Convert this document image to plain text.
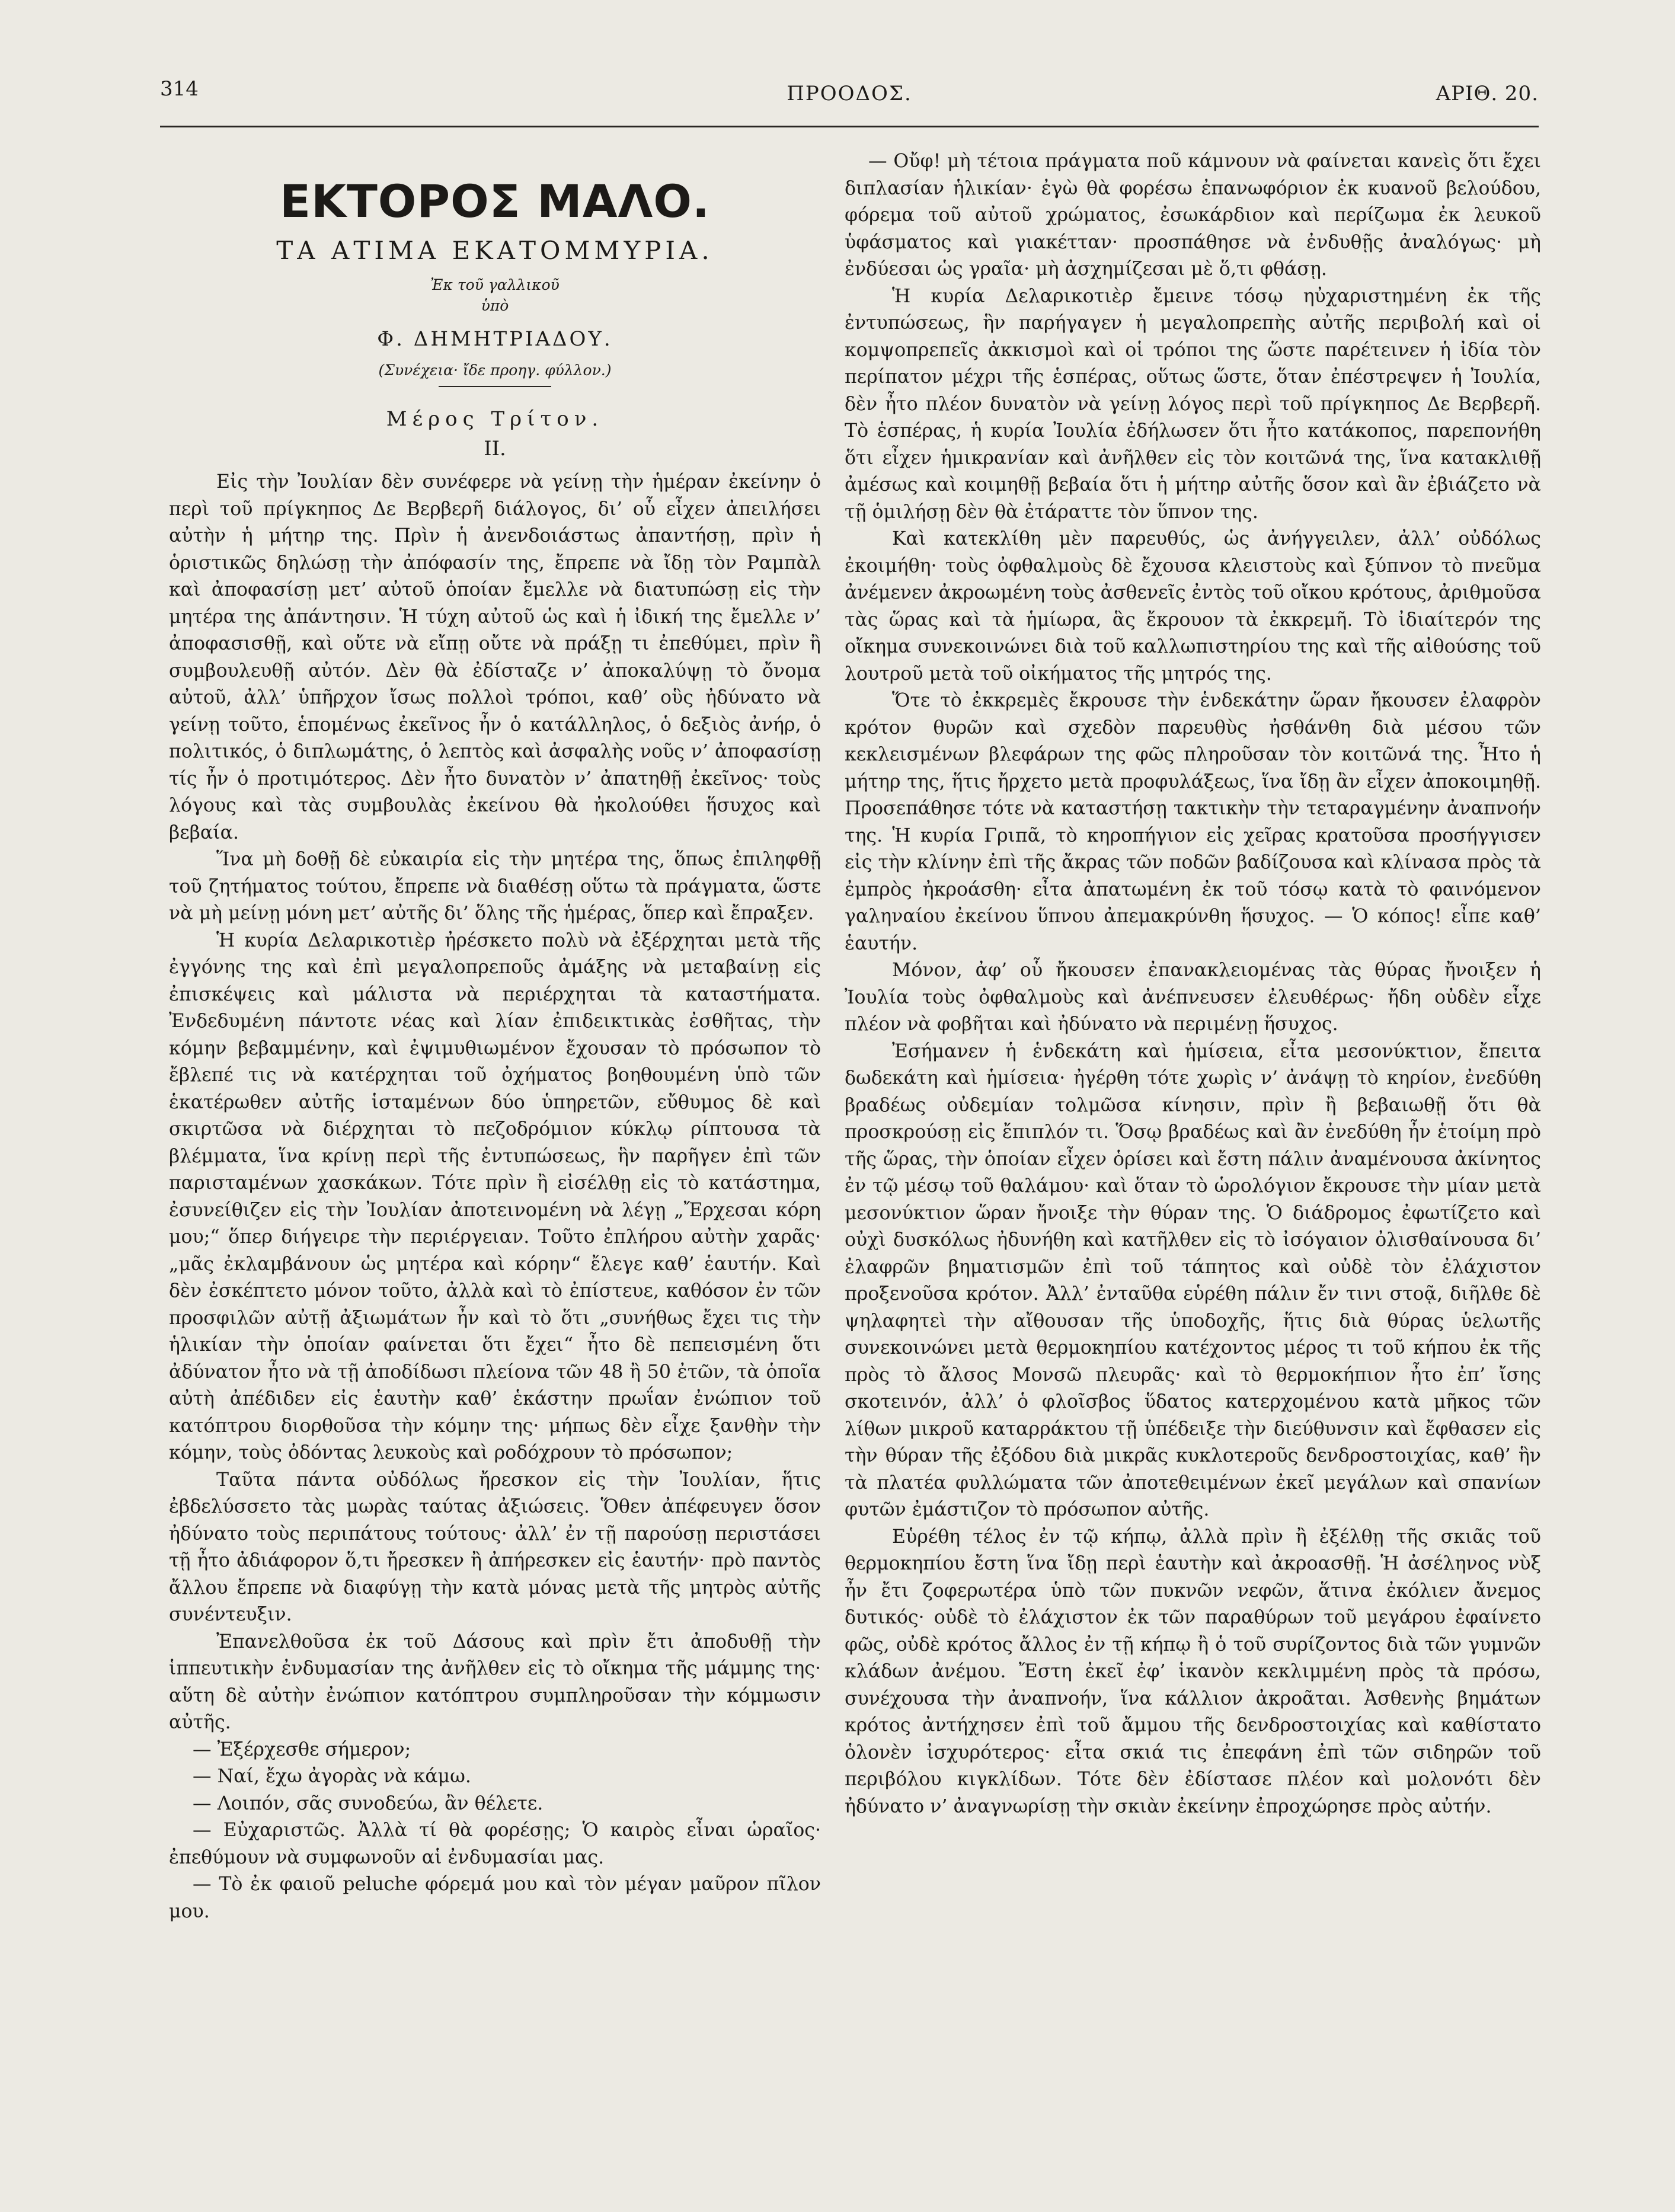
314	ΠΡΟΟΔΟΣ.	ΑΡΙΘ. 20.
ΕΚΤΟΡΟΣ ΜΑΛΟ.
ΤΑ ΑΤΙΜΑ ΕΚΑΤΟΜΜΥΡΙΑ.
Ἐκ τοῦ γαλλικοῦ
ὑπὸ
Φ. ΔΗΜΗΤΡΙΑΔΟΥ.
(Συνέχεια· ἴδε προηγ. φύλλον.)
Μέρος Τρίτον.
II.

Εἰς τὴν Ἰουλίαν δὲν συνέφερε νὰ γείνῃ τὴν ἡμέραν ἐκείνην ὁ περὶ τοῦ πρίγκηπος Δε Βερβερῆ διάλογος, δι’ οὗ εἶχεν ἀπειλήσει αὐτὴν ἡ μήτηρ της. Πρὶν ἡ ἀνενδοιάστως ἀπαντήσῃ, πρὶν ἡ ὁριστικῶς δηλώσῃ τὴν ἀπόφασίν της, ἔπρεπε νὰ ἴδῃ τὸν Ραμπὰλ καὶ ἀποφασίσῃ μετ’ αὐτοῦ ὁποίαν ἔμελλε νὰ διατυπώσῃ εἰς τὴν μητέρα της ἀπάντησιν. Ἡ τύχη αὐτοῦ ὡς καὶ ἡ ἰδική της ἔμελλε ν’ ἀποφασισθῇ, καὶ οὔτε νὰ εἴπῃ οὔτε νὰ πράξῃ τι ἐπεθύμει, πρὶν ἢ συμβουλευθῇ αὐτόν. Δὲν θὰ ἐδίσταζε ν’ ἀποκαλύψῃ τὸ ὄνομα αὐτοῦ, ἀλλ’ ὑπῆρχον ἴσως πολλοὶ τρόποι, καθ’ οὓς ἠδύνατο νὰ γείνῃ τοῦτο, ἑπομένως ἐκεῖνος ἦν ὁ κατάλληλος, ὁ δεξιὸς ἀνήρ, ὁ πολιτικός, ὁ διπλωμάτης, ὁ λεπτὸς καὶ ἀσφαλὴς νοῦς ν’ ἀποφασίσῃ τίς ἦν ὁ προτιμότερος. Δὲν ἦτο δυνατὸν ν’ ἀπατηθῇ ἐκεῖνος· τοὺς λόγους καὶ τὰς συμβουλὰς ἐκείνου θὰ ἠκολούθει ἥσυχος καὶ βεβαία.

Ἵνα μὴ δοθῇ δὲ εὐκαιρία εἰς τὴν μητέρα της, ὅπως ἐπιληφθῇ τοῦ ζητήματος τούτου, ἔπρεπε νὰ διαθέσῃ οὕτω τὰ πράγματα, ὥστε νὰ μὴ μείνῃ μόνη μετ’ αὐτῆς δι’ ὅλης τῆς ἡμέρας, ὅπερ καὶ ἔπραξεν.

Ἡ κυρία Δελαρικοτιὲρ ἠρέσκετο πολὺ νὰ ἐξέρχηται μετὰ τῆς ἐγγόνης της καὶ ἐπὶ μεγαλοπρεποῦς ἀμάξης νὰ μεταβαίνῃ εἰς ἐπισκέψεις καὶ μάλιστα νὰ περιέρχηται τὰ καταστήματα. Ἐνδεδυμένη πάντοτε νέας καὶ λίαν ἐπιδεικτικὰς ἐσθῆτας, τὴν κόμην βεβαμμένην, καὶ ἐψιμυθιωμένον ἔχουσαν τὸ πρόσωπον τὸ ἔβλεπέ τις νὰ κατέρχηται τοῦ ὀχήματος βοηθουμένη ὑπὸ τῶν ἑκατέρωθεν αὐτῆς ἱσταμένων δύο ὑπηρετῶν, εὔθυμος δὲ καὶ σκιρτῶσα νὰ διέρχηται τὸ πεζοδρόμιον κύκλῳ ρίπτουσα τὰ βλέμματα, ἵνα κρίνῃ περὶ τῆς ἐντυπώσεως, ἣν παρῆγεν ἐπὶ τῶν παρισταμένων χασκάκων. Τότε πρὶν ἢ εἰσέλθῃ εἰς τὸ κατάστημα, ἐσυνείθιζεν εἰς τὴν Ἰουλίαν ἀποτεινομένη νὰ λέγῃ „Ἔρχεσαι κόρη μου;“ ὅπερ διήγειρε τὴν περιέργειαν. Τοῦτο ἐπλήρου αὐτὴν χαρᾶς· „μᾶς ἐκλαμβάνουν ὡς μητέρα καὶ κόρην“ ἔλεγε καθ’ ἑαυτήν. Καὶ δὲν ἐσκέπτετο μόνον τοῦτο, ἀλλὰ καὶ τὸ ἐπίστευε, καθόσον ἐν τῶν προσφιλῶν αὐτῇ ἀξιωμάτων ἦν καὶ τὸ ὅτι „συνήθως ἔχει τις τὴν ἡλικίαν τὴν ὁποίαν φαίνεται ὅτι ἔχει“ ἦτο δὲ πεπεισμένη ὅτι ἀδύνατον ἦτο νὰ τῇ ἀποδίδωσι πλείονα τῶν 48 ἢ 50 ἐτῶν, τὰ ὁποῖα αὐτὴ ἀπέδιδεν εἰς ἑαυτὴν καθ’ ἑκάστην πρωΐαν ἐνώπιον τοῦ κατόπτρου διορθοῦσα τὴν κόμην της· μήπως δὲν εἶχε ξανθὴν τὴν κόμην, τοὺς ὀδόντας λευκοὺς καὶ ροδόχρουν τὸ πρόσωπον;

Ταῦτα πάντα οὐδόλως ἤρεσκον εἰς τὴν Ἰουλίαν, ἥτις ἐβδελύσσετο τὰς μωρὰς ταύτας ἀξιώσεις. Ὅθεν ἀπέφευγεν ὅσον ἠδύνατο τοὺς περιπάτους τούτους· ἀλλ’ ἐν τῇ παρούσῃ περιστάσει τῇ ἦτο ἀδιάφορον ὅ,τι ἤρεσκεν ἢ ἀπήρεσκεν εἰς ἑαυτήν· πρὸ παντὸς ἄλλου ἔπρεπε νὰ διαφύγῃ τὴν κατὰ μόνας μετὰ τῆς μητρὸς αὐτῆς συνέντευξιν.

Ἐπανελθοῦσα ἐκ τοῦ Δάσους καὶ πρὶν ἔτι ἀποδυθῇ τὴν ἱππευτικὴν ἐνδυμασίαν της ἀνῆλθεν εἰς τὸ οἴκημα τῆς μάμμης της· αὕτη δὲ αὐτὴν ἐνώπιον κατόπτρου συμπληροῦσαν τὴν κόμμωσιν αὐτῆς.

— Ἐξέρχεσθε σήμερον;

— Ναί, ἔχω ἀγορὰς νὰ κάμω.

— Λοιπόν, σᾶς συνοδεύω, ἂν θέλετε.

— Εὐχαριστῶς. Ἀλλὰ τί θὰ φορέσῃς; Ὁ καιρὸς εἶναι ὡραῖος· ἐπεθύμουν νὰ συμφωνοῦν αἱ ἐνδυμασίαι μας.

— Τὸ ἐκ φαιοῦ peluche φόρεμά μου καὶ τὸν μέγαν μαῦρον πῖλον μου.

— Οὔφ! μὴ τέτοια πράγματα ποῦ κάμνουν νὰ φαίνεται κανεὶς ὅτι ἔχει διπλασίαν ἡλικίαν· ἐγὼ θὰ φορέσω ἐπανωφόριον ἐκ κυανοῦ βελούδου, φόρεμα τοῦ αὐτοῦ χρώματος, ἐσωκάρδιον καὶ περίζωμα ἐκ λευκοῦ ὑφάσματος καὶ γιακέτταν· προσπάθησε νὰ ἐνδυθῇς ἀναλόγως· μὴ ἐνδύεσαι ὡς γραῖα· μὴ ἀσχημίζεσαι μὲ ὅ,τι φθάσῃ.

Ἡ κυρία Δελαρικοτιὲρ ἔμεινε τόσῳ ηὐχαριστημένη ἐκ τῆς ἐντυπώσεως, ἣν παρήγαγεν ἡ μεγαλοπρεπὴς αὐτῆς περιβολή καὶ οἱ κομψοπρεπεῖς ἀκκισμοὶ καὶ οἱ τρόποι της ὥστε παρέτεινεν ἡ ἰδία τὸν περίπατον μέχρι τῆς ἑσπέρας, οὕτως ὥστε, ὅταν ἐπέστρεψεν ἡ Ἰουλία, δὲν ἦτο πλέον δυνατὸν νὰ γείνῃ λόγος περὶ τοῦ πρίγκηπος Δε Βερβερῆ. Τὸ ἑσπέρας, ἡ κυρία Ἰουλία ἐδήλωσεν ὅτι ἦτο κατάκοπος, παρεπονήθη ὅτι εἶχεν ἡμικρανίαν καὶ ἀνῆλθεν εἰς τὸν κοιτῶνά της, ἵνα κατακλιθῇ ἀμέσως καὶ κοιμηθῇ βεβαία ὅτι ἡ μήτηρ αὐτῆς ὅσον καὶ ἂν ἐβιάζετο νὰ τῇ ὁμιλήσῃ δὲν θὰ ἐτάραττε τὸν ὕπνον της.

Καὶ κατεκλίθη μὲν παρευθύς, ὡς ἀνήγγειλεν, ἀλλ’ οὐδόλως ἐκοιμήθη· τοὺς ὀφθαλμοὺς δὲ ἔχουσα κλειστοὺς καὶ ξύπνον τὸ πνεῦμα ἀνέμενεν ἀκροωμένη τοὺς ἀσθενεῖς ἐντὸς τοῦ οἴκου κρότους, ἀριθμοῦσα τὰς ὥρας καὶ τὰ ἡμίωρα, ἃς ἔκρουον τὰ ἐκκρεμῆ. Τὸ ἰδιαίτερόν της οἴκημα συνεκοινώνει διὰ τοῦ καλλωπιστηρίου της καὶ τῆς αἰθούσης τοῦ λουτροῦ μετὰ τοῦ οἰκήματος τῆς μητρός της.

Ὅτε τὸ ἐκκρεμὲς ἔκρουσε τὴν ἑνδεκάτην ὥραν ἤκουσεν ἐλαφρὸν κρότον θυρῶν καὶ σχεδὸν παρευθὺς ἠσθάνθη διὰ μέσου τῶν κεκλεισμένων βλεφάρων της φῶς πληροῦσαν τὸν κοιτῶνά της. Ἦτο ἡ μήτηρ της, ἥτις ἤρχετο μετὰ προφυλάξεως, ἵνα ἴδῃ ἂν εἶχεν ἀποκοιμηθῇ. Προσεπάθησε τότε νὰ καταστήσῃ τακτικὴν τὴν τεταραγμένην ἀναπνοήν της. Ἡ κυρία Γριπᾶ, τὸ κηροπήγιον εἰς χεῖρας κρατοῦσα προσήγγισεν εἰς τὴν κλίνην ἐπὶ τῆς ἄκρας τῶν ποδῶν βαδίζουσα καὶ κλίνασα πρὸς τὰ ἐμπρὸς ἠκροάσθη· εἶτα ἀπατωμένη ἐκ τοῦ τόσῳ κατὰ τὸ φαινόμενον γαληναίου ἐκείνου ὕπνου ἀπεμακρύνθη ἥσυχος. — Ὁ κόπος! εἶπε καθ’ ἑαυτήν.

Μόνον, ἀφ’ οὗ ἤκουσεν ἐπανακλειομένας τὰς θύρας ἤνοιξεν ἡ Ἰουλία τοὺς ὀφθαλμοὺς καὶ ἀνέπνευσεν ἐλευθέρως· ἤδη οὐδὲν εἶχε πλέον νὰ φοβῆται καὶ ἠδύνατο νὰ περιμένῃ ἥσυχος.

Ἐσήμανεν ἡ ἑνδεκάτη καὶ ἡμίσεια, εἶτα μεσονύκτιον, ἔπειτα δωδεκάτη καὶ ἡμίσεια· ἠγέρθη τότε χωρὶς ν’ ἀνάψῃ τὸ κηρίον, ἐνεδύθη βραδέως οὐδεμίαν τολμῶσα κίνησιν, πρὶν ἢ βεβαιωθῇ ὅτι θὰ προσκρούσῃ εἰς ἔπιπλόν τι. Ὅσῳ βραδέως καὶ ἂν ἐνεδύθη ἦν ἑτοίμη πρὸ τῆς ὥρας, τὴν ὁποίαν εἶχεν ὁρίσει καὶ ἔστη πάλιν ἀναμένουσα ἀκίνητος ἐν τῷ μέσῳ τοῦ θαλάμου· καὶ ὅταν τὸ ὡρολόγιον ἔκρουσε τὴν μίαν μετὰ μεσονύκτιον ὥραν ἤνοιξε τὴν θύραν της. Ὁ διάδρομος ἐφωτίζετο καὶ οὐχὶ δυσκόλως ἠδυνήθη καὶ κατῆλθεν εἰς τὸ ἰσόγαιον ὀλισθαίνουσα δι’ ἐλαφρῶν βηματισμῶν ἐπὶ τοῦ τάπητος καὶ οὐδὲ τὸν ἐλάχιστον προξενοῦσα κρότον. Ἀλλ’ ἐνταῦθα εὑρέθη πάλιν ἔν τινι στοᾷ, διῆλθε δὲ ψηλαφητεὶ τὴν αἴθουσαν τῆς ὑποδοχῆς, ἥτις διὰ θύρας ὑελωτῆς συνεκοινώνει μετὰ θερμοκηπίου κατέχοντος μέρος τι τοῦ κήπου ἐκ τῆς πρὸς τὸ ἄλσος Μονσῶ πλευρᾶς· καὶ τὸ θερμοκήπιον ἦτο ἐπ’ ἴσης σκοτεινόν, ἀλλ’ ὁ φλοῖσβος ὕδατος κατερχομένου κατὰ μῆκος τῶν λίθων μικροῦ καταρράκτου τῇ ὑπέδειξε τὴν διεύθυνσιν καὶ ἔφθασεν εἰς τὴν θύραν τῆς ἐξόδου διὰ μικρᾶς κυκλοτεροῦς δενδροστοιχίας, καθ’ ἣν τὰ πλατέα φυλλώματα τῶν ἀποτεθειμένων ἐκεῖ μεγάλων καὶ σπανίων φυτῶν ἐμάστιζον τὸ πρόσωπον αὐτῆς.

Εὑρέθη τέλος ἐν τῷ κήπῳ, ἀλλὰ πρὶν ἢ ἐξέλθῃ τῆς σκιᾶς τοῦ θερμοκηπίου ἔστη ἵνα ἴδῃ περὶ ἑαυτὴν καὶ ἀκροασθῇ. Ἡ ἀσέληνος νὺξ ἦν ἔτι ζοφερωτέρα ὑπὸ τῶν πυκνῶν νεφῶν, ἅτινα ἐκόλιεν ἄνεμος δυτικός· οὐδὲ τὸ ἐλάχιστον ἐκ τῶν παραθύρων τοῦ μεγάρου ἐφαίνετο φῶς, οὐδὲ κρότος ἄλλος ἐν τῇ κήπῳ ἢ ὁ τοῦ συρίζοντος διὰ τῶν γυμνῶν κλάδων ἀνέμου. Ἔστη ἐκεῖ ἐφ’ ἱκανὸν κεκλιμμένη πρὸς τὰ πρόσω, συνέχουσα τὴν ἀναπνοήν, ἵνα κάλλιον ἀκροᾶται. Ἀσθενὴς βημάτων κρότος ἀντήχησεν ἐπὶ τοῦ ἄμμου τῆς δενδροστοιχίας καὶ καθίστατο ὁλονὲν ἰσχυρότερος· εἶτα σκιά τις ἐπεφάνη ἐπὶ τῶν σιδηρῶν τοῦ περιβόλου κιγκλίδων. Τότε δὲν ἐδίστασε πλέον καὶ μολονότι δὲν ἠδύνατο ν’ ἀναγνωρίσῃ τὴν σκιὰν ἐκείνην ἐπροχώρησε πρὸς αὐτήν.
